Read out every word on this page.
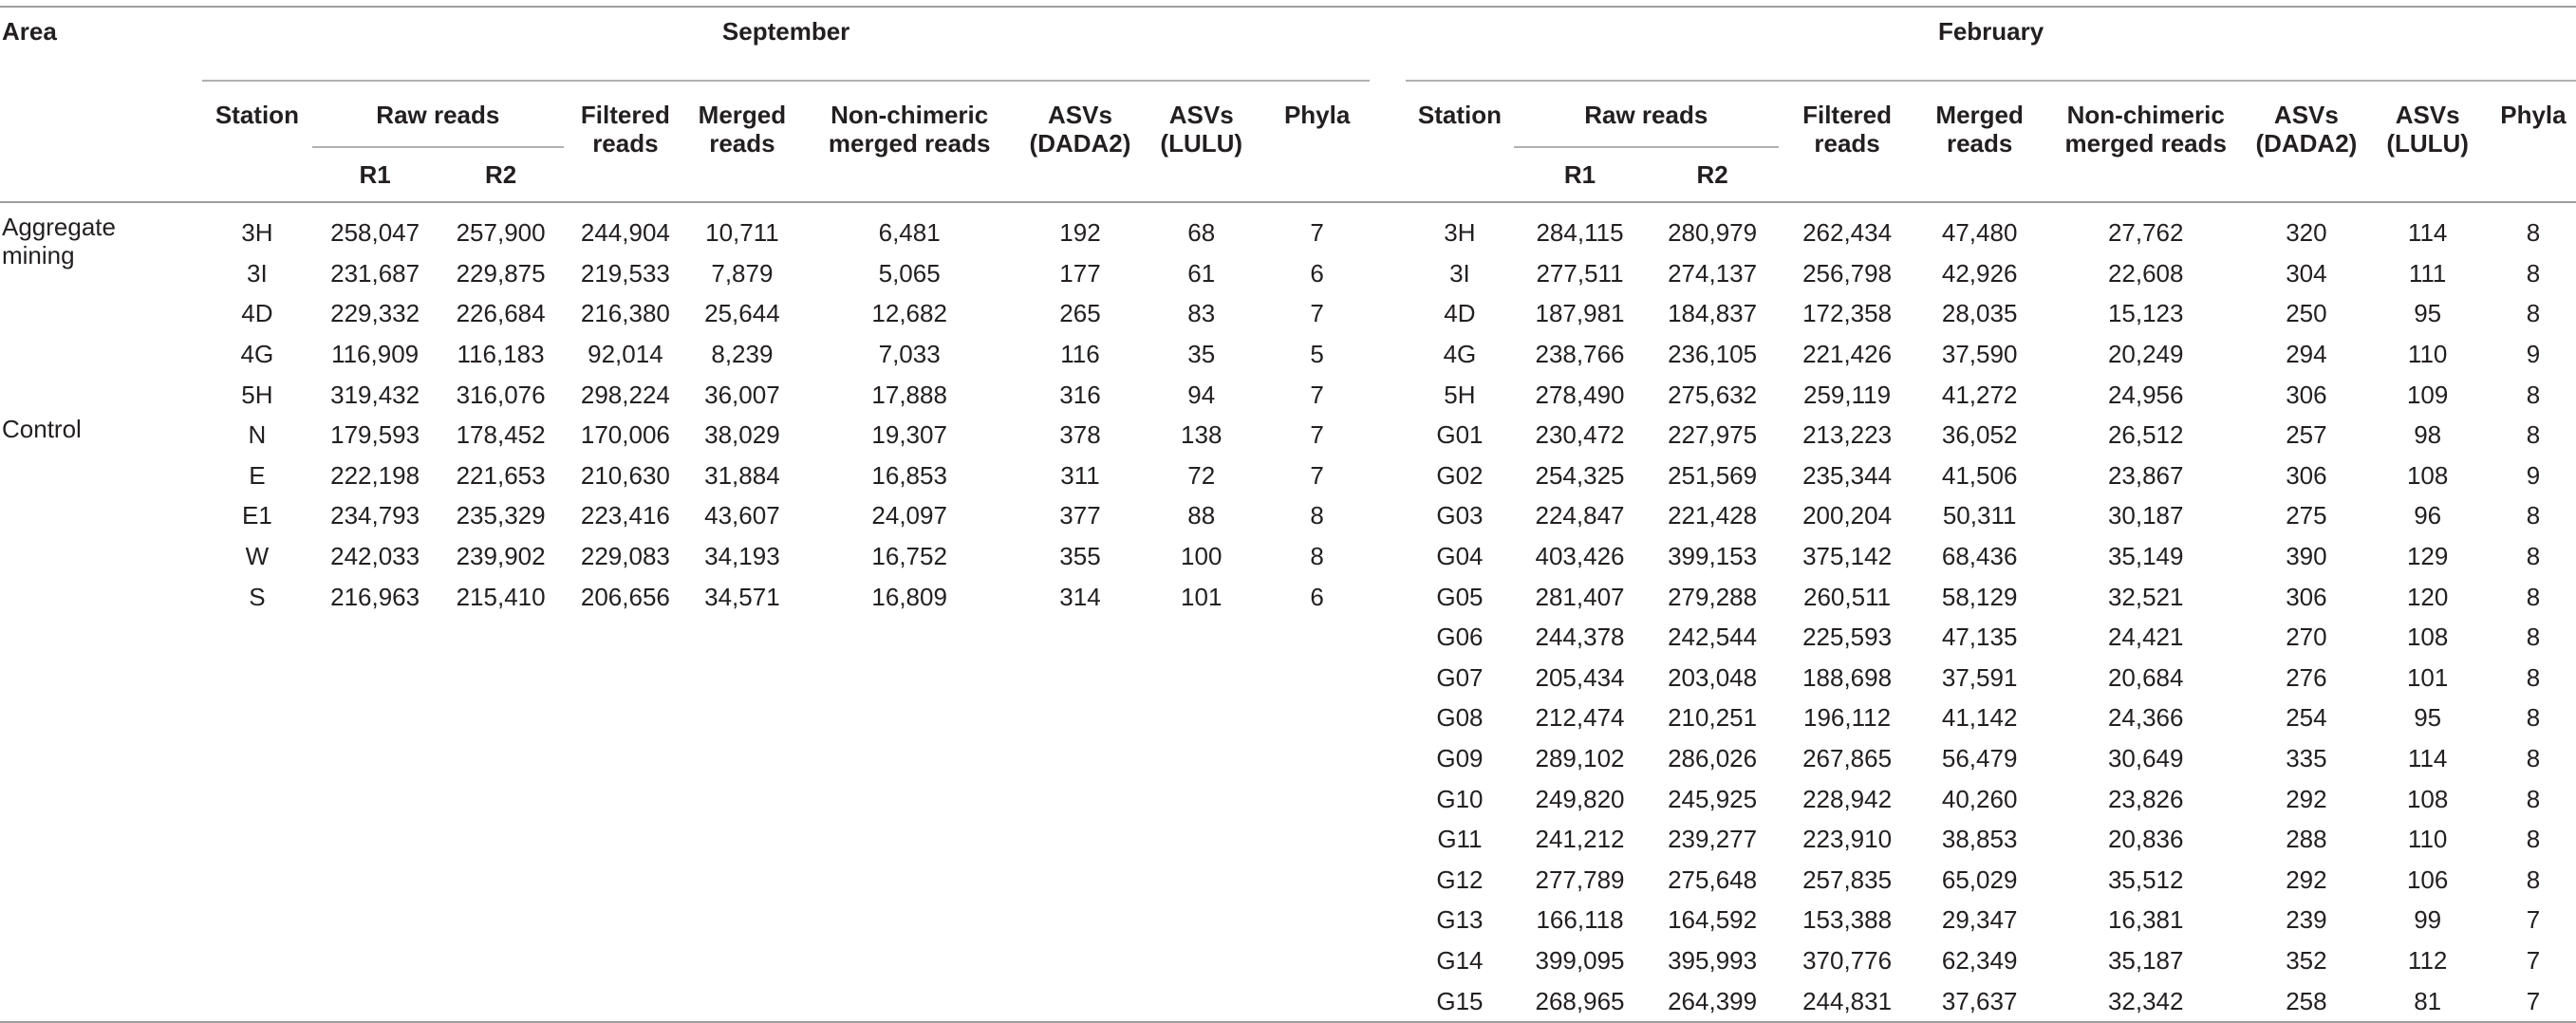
Area	September										February								
	Station	Raw reads		Filtered reads	Merged reads	Non-chimeric merged reads	ASVs (DADA2)	ASVs (LULU)	Phyla		Station	Raw reads		Filtered reads	Merged reads	Non-chimeric merged reads	ASVs (DADA2)	ASVs (LULU)	Phyla
		R1	R2									R1	R2						

Aggregate mining	3H	258,047	257,900	244,904	10,711	6,481	192	68	7		3H	284,115	280,979	262,434	47,480	27,762	320	114	8
	3I	231,687	229,875	219,533	7,879	5,065	177	61	6		3I	277,511	274,137	256,798	42,926	22,608	304	111	8
	4D	229,332	226,684	216,380	25,644	12,682	265	83	7		4D	187,981	184,837	172,358	28,035	15,123	250	95	8
	4G	116,909	116,183	92,014	8,239	7,033	116	35	5		4G	238,766	236,105	221,426	37,590	20,249	294	110	9
	5H	319,432	316,076	298,224	36,007	17,888	316	94	7		5H	278,490	275,632	259,119	41,272	24,956	306	109	8
Control	N	179,593	178,452	170,006	38,029	19,307	378	138	7		G01	230,472	227,975	213,223	36,052	26,512	257	98	8
	E	222,198	221,653	210,630	31,884	16,853	311	72	7		G02	254,325	251,569	235,344	41,506	23,867	306	108	9
	E1	234,793	235,329	223,416	43,607	24,097	377	88	8		G03	224,847	221,428	200,204	50,311	30,187	275	96	8
	W	242,033	239,902	229,083	34,193	16,752	355	100	8		G04	403,426	399,153	375,142	68,436	35,149	390	129	8
	S	216,963	215,410	206,656	34,571	16,809	314	101	6		G05	281,407	279,288	260,511	58,129	32,521	306	120	8
											G06	244,378	242,544	225,593	47,135	24,421	270	108	8
											G07	205,434	203,048	188,698	37,591	20,684	276	101	8
											G08	212,474	210,251	196,112	41,142	24,366	254	95	8
											G09	289,102	286,026	267,865	56,479	30,649	335	114	8
											G10	249,820	245,925	228,942	40,260	23,826	292	108	8
											G11	241,212	239,277	223,910	38,853	20,836	288	110	8
											G12	277,789	275,648	257,835	65,029	35,512	292	106	8
											G13	166,118	164,592	153,388	29,347	16,381	239	99	7
											G14	399,095	395,993	370,776	62,349	35,187	352	112	7
											G15	268,965	264,399	244,831	37,637	32,342	258	81	7
